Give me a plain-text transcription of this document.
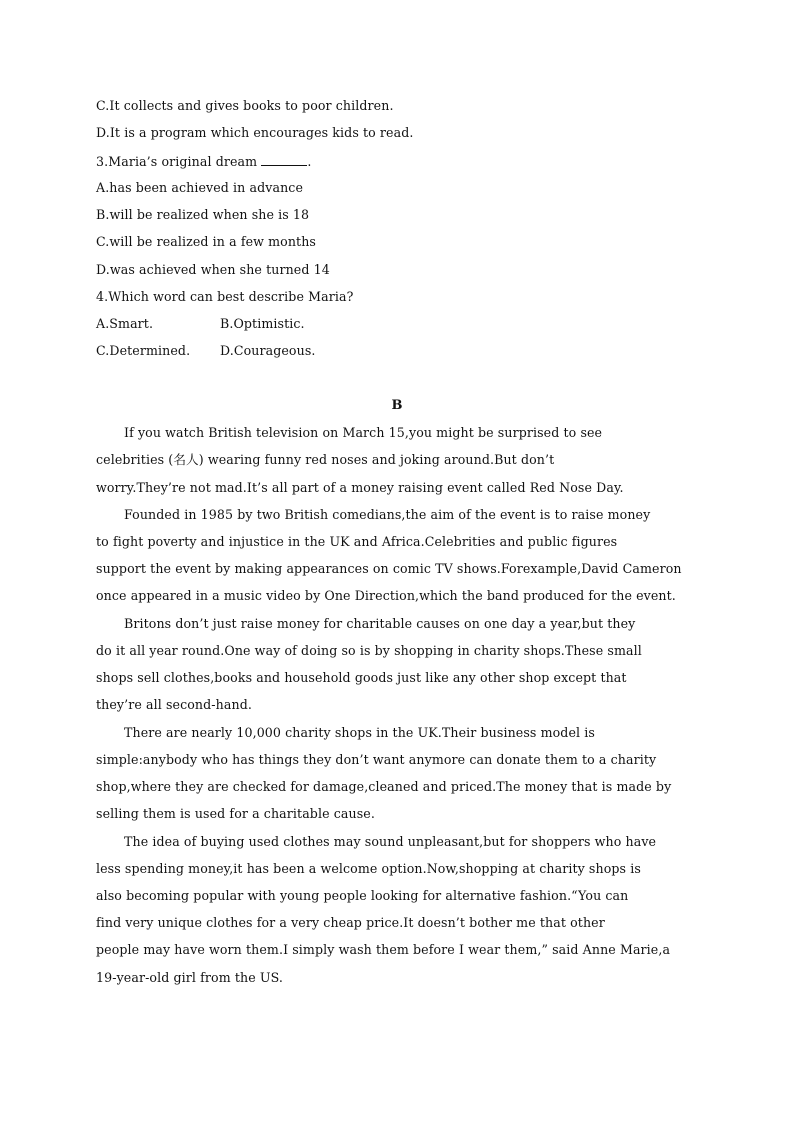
C.It collects and gives books to poor children.
D.It is a program which encourages kids to read.
3.Maria’s original dream	.
A.has been achieved in advance
B.will be realized when she is 18
C.will be realized in a few months
D.was achieved when she turned 14
4.Which word can best describe Maria?
A.Smart.	B.Optimistic.
C.Determined. D.Courageous.
B
If you watch British television on March 15,you might be surprised to see
celebrities (名人) wearing funny red noses and joking around.But don’t
worry.They’re not mad.It’s all part of a money raising event called Red Nose Day.
Founded in 1985 by two British comedians,the aim of the event is to raise money
to fight poverty and injustice in the UK and Africa.Celebrities and public figures
support the event by making appearances on comic TV shows.Forexample,David Cameron
once appeared in a music video by One Direction,which the band produced for the event.
Britons don’t just raise money for charitable causes on one day a year,but they
do it all year round.One way of doing so is by shopping in charity shops.These small
shops sell clothes,books and household goods just like any other shop except that
they’re all second-hand.
There are nearly 10,000 charity shops in the UK.Their business model is
simple:anybody who has things they don’t want anymore can donate them to a charity
shop,where they are checked for damage,cleaned and priced.The money that is made by
selling them is used for a charitable cause.
The idea of buying used clothes may sound unpleasant,but for shoppers who have
less spending money,it has been a welcome option.Now,shopping at charity shops is
also becoming popular with young people looking for alternative fashion.“You can
find very unique clothes for a very cheap price.It doesn’t bother me that other
people may have worn them.I simply wash them before I wear them,” said Anne Marie,a
19-year-old girl from the US.
